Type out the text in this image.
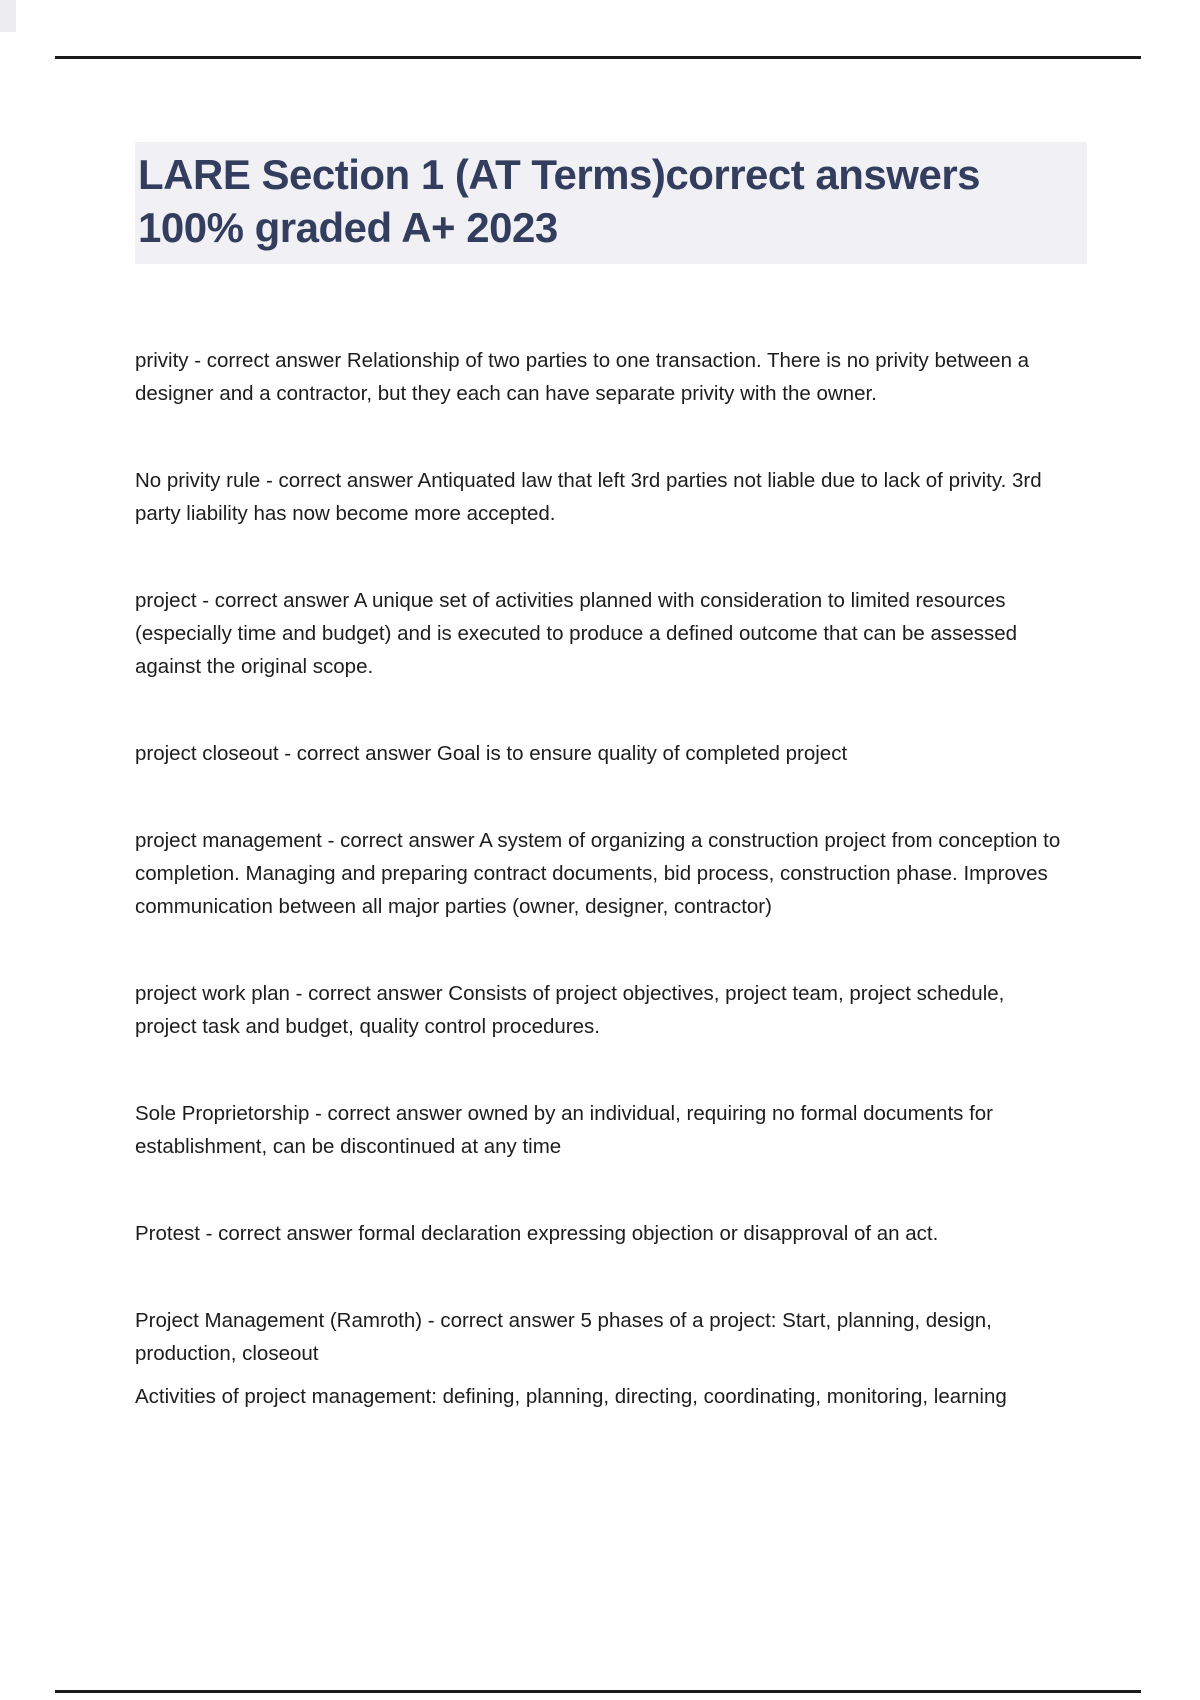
LARE Section 1 (AT Terms)correct answers 100% graded A+ 2023

privity - correct answer Relationship of two parties to one transaction. There is no privity between a designer and a contractor, but they each can have separate privity with the owner.

No privity rule - correct answer Antiquated law that left 3rd parties not liable due to lack of privity. 3rd party liability has now become more accepted.

project - correct answer A unique set of activities planned with consideration to limited resources (especially time and budget) and is executed to produce a defined outcome that can be assessed against the original scope.

project closeout - correct answer Goal is to ensure quality of completed project

project management - correct answer A system of organizing a construction project from conception to completion. Managing and preparing contract documents, bid process, construction phase. Improves communication between all major parties (owner, designer, contractor)

project work plan - correct answer Consists of project objectives, project team, project schedule, project task and budget, quality control procedures.

Sole Proprietorship - correct answer owned by an individual, requiring no formal documents for establishment, can be discontinued at any time

Protest - correct answer formal declaration expressing objection or disapproval of an act.

Project Management (Ramroth) - correct answer 5 phases of a project: Start, planning, design, production, closeout

Activities of project management: defining, planning, directing, coordinating, monitoring, learning
